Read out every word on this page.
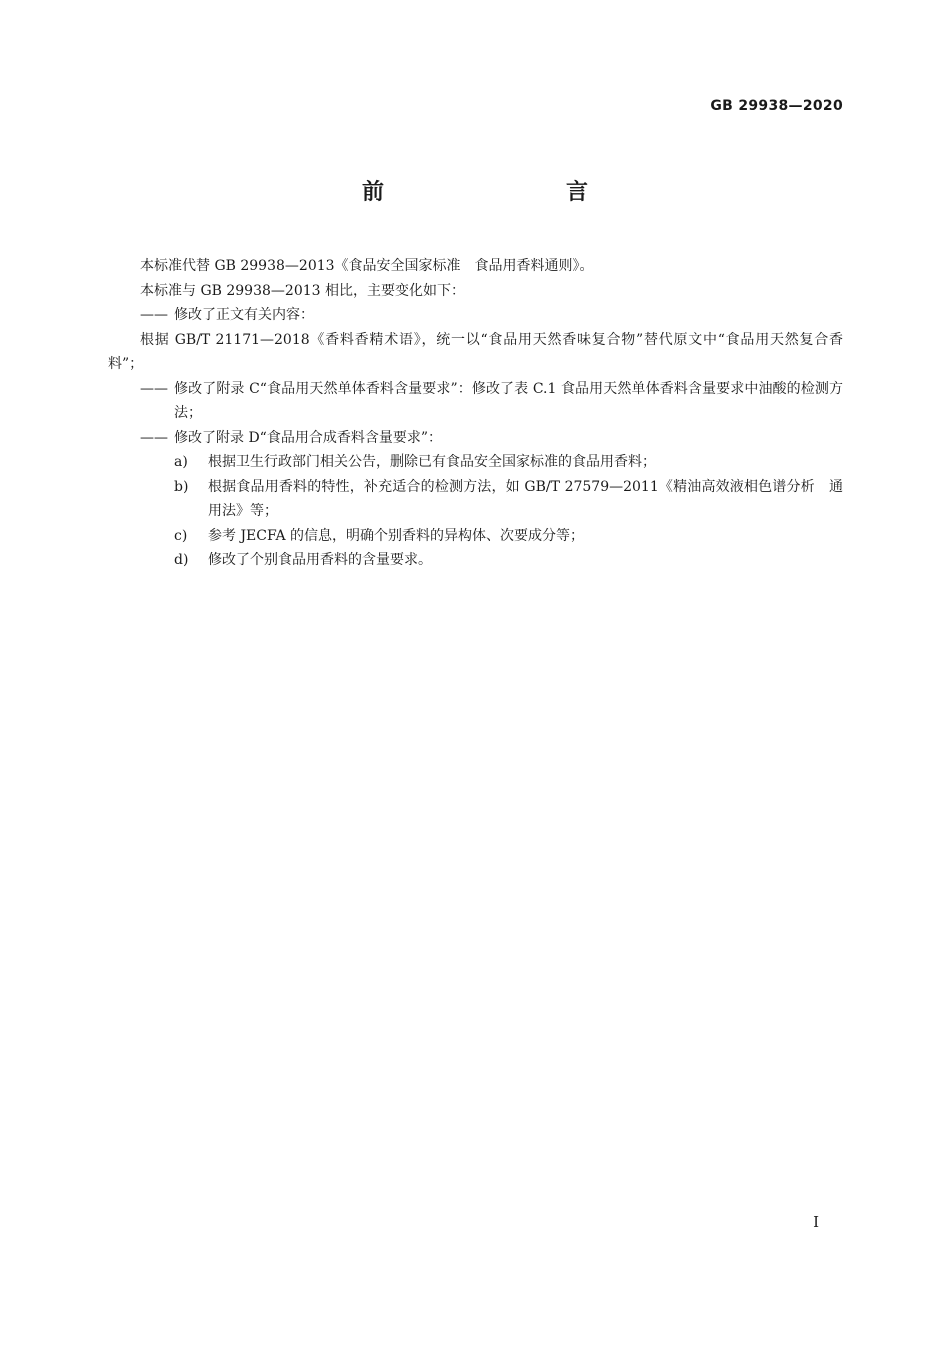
GB 29938—2020
前　　言

本标准代替 GB 29938—2013《食品安全国家标准　食品用香料通则》。

本标准与 GB 29938—2013 相比，主要变化如下：

—— 修改了正文有关内容：

根据 GB/T 21171—2018《香料香精术语》，统一以“食品用天然香味复合物”替代原文中“食品用天然复合香料”；

—— 修改了附录 C“食品用天然单体香料含量要求”：修改了表 C.1 食品用天然单体香料含量要求中油酸的检测方法；
—— 修改了附录 D“食品用合成香料含量要求”：
a) 根据卫生行政部门相关公告，删除已有食品安全国家标准的食品用香料；
b) 根据食品用香料的特性，补充适合的检测方法，如 GB/T 27579—2011《精油高效液相色谱分析　通用法》等；
c) 参考 JECFA 的信息，明确个别香料的异构体、次要成分等；
d) 修改了个别食品用香料的含量要求。
I
